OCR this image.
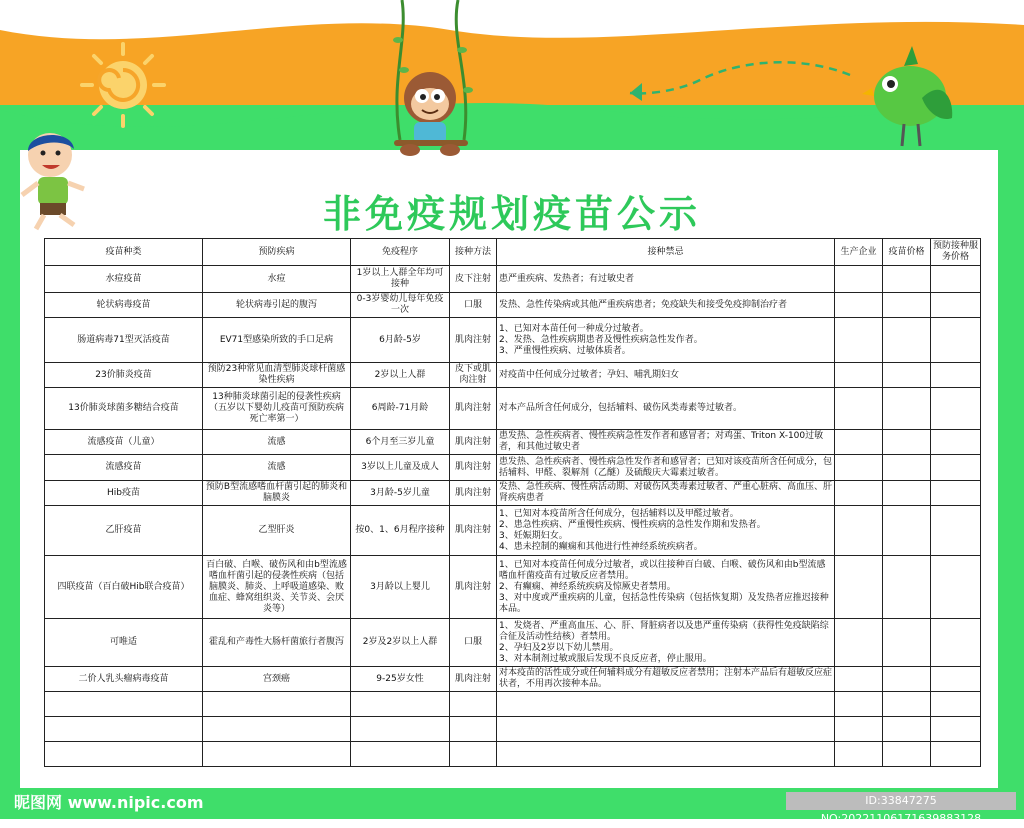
非免疫规划疫苗公示
疫苗种类	预防疾病	免疫程序	接种方法	接种禁忌	生产企业	疫苗价格	预防接种服务价格
水痘疫苗	水痘	1岁以上人群全年均可接种	皮下注射	患严重疾病、发热者；有过敏史者			
轮状病毒疫苗	轮状病毒引起的腹泻	0-3岁婴幼儿每年免疫一次	口服	发热、急性传染病或其他严重疾病患者；免疫缺失和接受免疫抑制治疗者			
肠道病毒71型灭活疫苗	EV71型感染所致的手口足病	6月龄-5岁	肌肉注射	1、已知对本苗任何一种成分过敏者。
2、发热、急性疾病期患者及慢性疾病急性发作者。
3、严重慢性疾病、过敏体质者。			
23价肺炎疫苗	预防23种常见血清型肺炎球杆菌感染性疾病	2岁以上人群	皮下或肌肉注射	对疫苗中任何成分过敏者；孕妇、哺乳期妇女			
13价肺炎球菌多糖结合疫苗	13种肺炎球菌引起的侵袭性疾病（五岁以下婴幼儿疫苗可预防疾病死亡率第一）	6周龄-71月龄	肌肉注射	对本产品所含任何成分，包括辅料、破伤风类毒素等过敏者。			
流感疫苗（儿童）	流感	6个月至三岁儿童	肌肉注射	患发热、急性疾病者、慢性疾病急性发作者和感冒者；对鸡蛋、Triton X-100过敏者，和其他过敏史者			
流感疫苗	流感	3岁以上儿童及成人	肌肉注射	患发热、急性疾病者、慢性病急性发作者和感冒者；已知对该疫苗所含任何成分，包括辅料、甲醛、裂解剂（乙醚）及硫酸庆大霉素过敏者。			
Hib疫苗	预防B型流感嗜血杆菌引起的肺炎和脑膜炎	3月龄-5岁儿童	肌肉注射	发热、急性疾病、慢性病活动期、对破伤风类毒素过敏者、严重心脏病、高血压、肝肾疾病患者			
乙肝疫苗	乙型肝炎	按0、1、6月程序接种	肌肉注射	1、已知对本疫苗所含任何成分，包括辅料以及甲醛过敏者。
2、患急性疾病、严重慢性疾病、慢性疾病的急性发作期和发热者。
3、妊娠期妇女。
4、患未控制的癫痫和其他进行性神经系统疾病者。			
四联疫苗（百白破Hib联合疫苗）	百白破、白喉、破伤风和由b型流感嗜血杆菌引起的侵袭性疾病（包括脑膜炎、肺炎、上呼吸道感染、败血症、蜂窝组织炎、关节炎、会厌炎等）	3月龄以上婴儿	肌肉注射	1、已知对本疫苗任何成分过敏者，或以往接种百白破、白喉、破伤风和由b型流感嗜血杆菌疫苗有过敏反应者禁用。
2、有癫痫、神经系统疾病及惊厥史者禁用。
3、对中度或严重疾病的儿童，包括急性传染病（包括恢复期）及发热者应推迟接种本品。			
可唯适	霍乱和产毒性大肠杆菌旅行者腹泻	2岁及2岁以上人群	口服	1、发烧者、严重高血压、心、肝、肾脏病者以及患严重传染病（获得性免疫缺陷综合征及活动性结核）者禁用。
2、孕妇及2岁以下幼儿禁用。
3、对本制剂过敏或服后发现不良反应者，停止服用。			
二价人乳头瘤病毒疫苗	宫颈癌	9-25岁女性	肌肉注射	对本疫苗的活性成分或任何辅料成分有超敏反应者禁用；注射本产品后有超敏反应症状者，不用再次接种本品。			

昵图网 www.nipic.com	ID:33847275 NO:20221106171639883128
